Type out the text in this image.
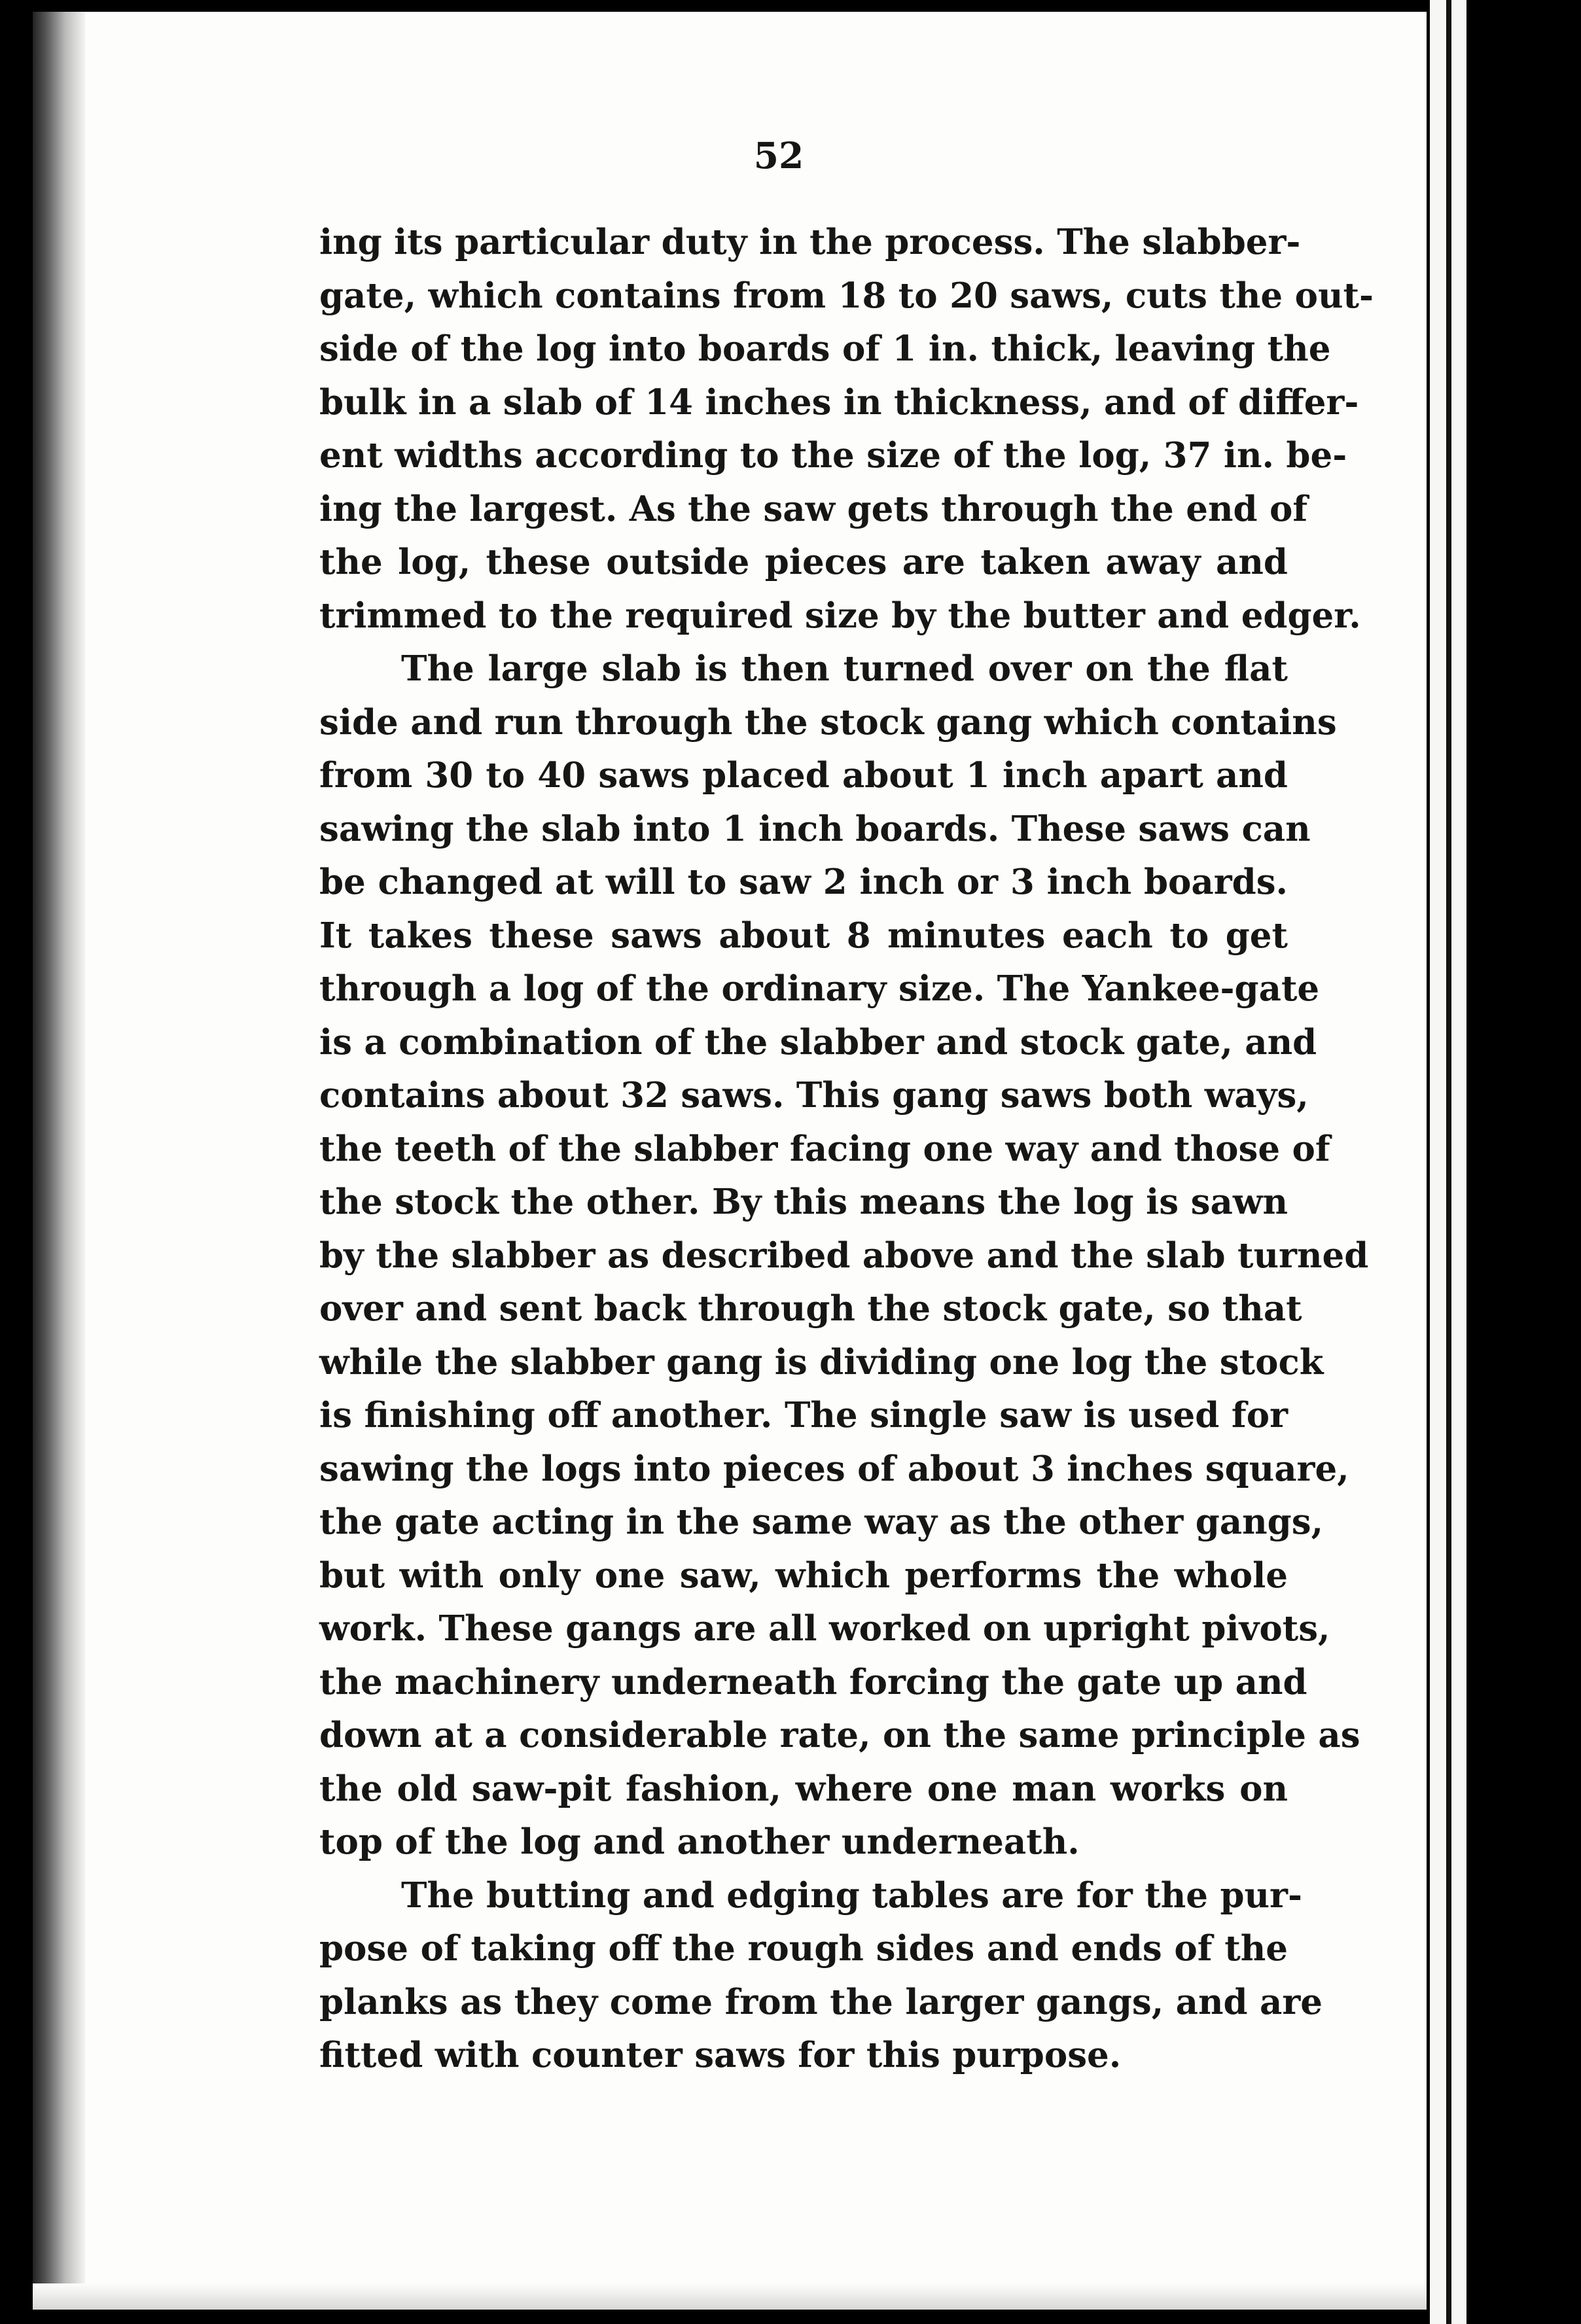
52
ing its particular duty in the process. The slabber-
gate, which contains from 18 to 20 saws, cuts the out-
side of the log into boards of 1 in. thick, leaving the
bulk in a slab of 14 inches in thickness, and of differ-
ent widths according to the size of the log, 37 in. be-
ing the largest. As the saw gets through the end of
the log, these outside pieces are taken away and
trimmed to the required size by the butter and edger.
The large slab is then turned over on the flat
side and run through the stock gang which contains
from 30 to 40 saws placed about 1 inch apart and
sawing the slab into 1 inch boards. These saws can
be changed at will to saw 2 inch or 3 inch boards.
It takes these saws about 8 minutes each to get
through a log of the ordinary size. The Yankee-gate
is a combination of the slabber and stock gate, and
contains about 32 saws. This gang saws both ways,
the teeth of the slabber facing one way and those of
the stock the other. By this means the log is sawn
by the slabber as described above and the slab turned
over and sent back through the stock gate, so that
while the slabber gang is dividing one log the stock
is finishing off another. The single saw is used for
sawing the logs into pieces of about 3 inches square,
the gate acting in the same way as the other gangs,
but with only one saw, which performs the whole
work. These gangs are all worked on upright pivots,
the machinery underneath forcing the gate up and
down at a considerable rate, on the same principle as
the old saw-pit fashion, where one man works on
top of the log and another underneath.
The butting and edging tables are for the pur-
pose of taking off the rough sides and ends of the
planks as they come from the larger gangs, and are
fitted with counter saws for this purpose.
